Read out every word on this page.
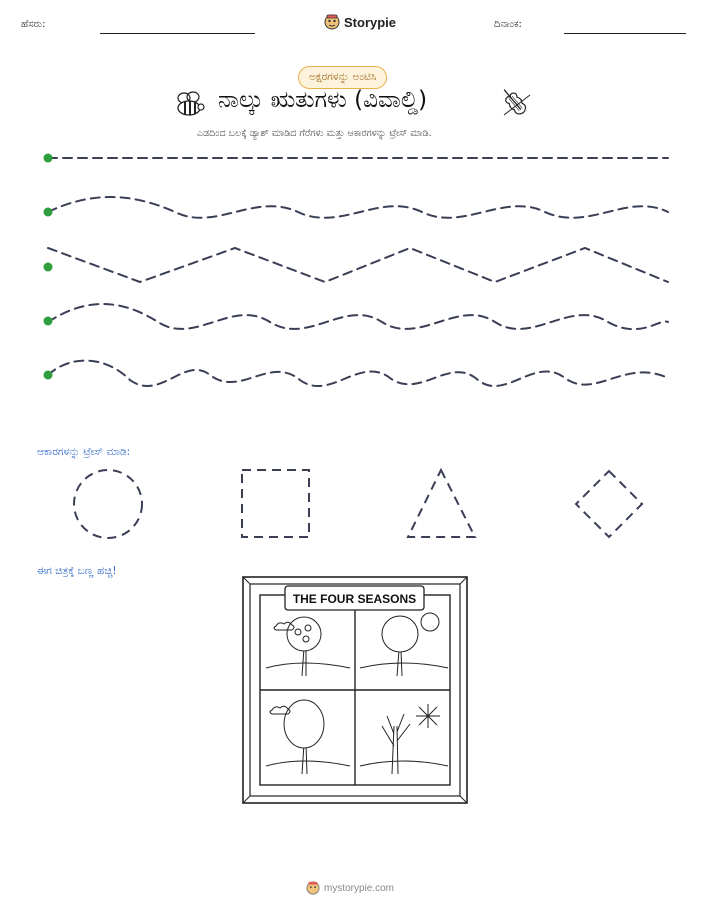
ಹೆಸರು:	Storypie	ದಿನಾಂಕ:
ಅಕ್ಷರಗಳನ್ನು ಅಂಟಿಸಿ
ನಾಲ್ಕು ಋತುಗಳು (ವಿವಾಲ್ಡಿ)
ಎಡದಿಂದ ಬಲಕ್ಕೆ ಡ್ಯಾಶ್ ಮಾಡಿದ ಗೆರೆಗಳು ಮತ್ತು ಆಕಾರಗಳನ್ನು ಟ್ರೇಸ್ ಮಾಡಿ.
ಆಕಾರಗಳನ್ನು ಟ್ರೇಸ್ ಮಾಡಿ:
ಈಗ ಚಿತ್ರಕ್ಕೆ ಬಣ್ಣ ಹಚ್ಚಿ!
THE FOUR SEASONS
mystorypie.com
